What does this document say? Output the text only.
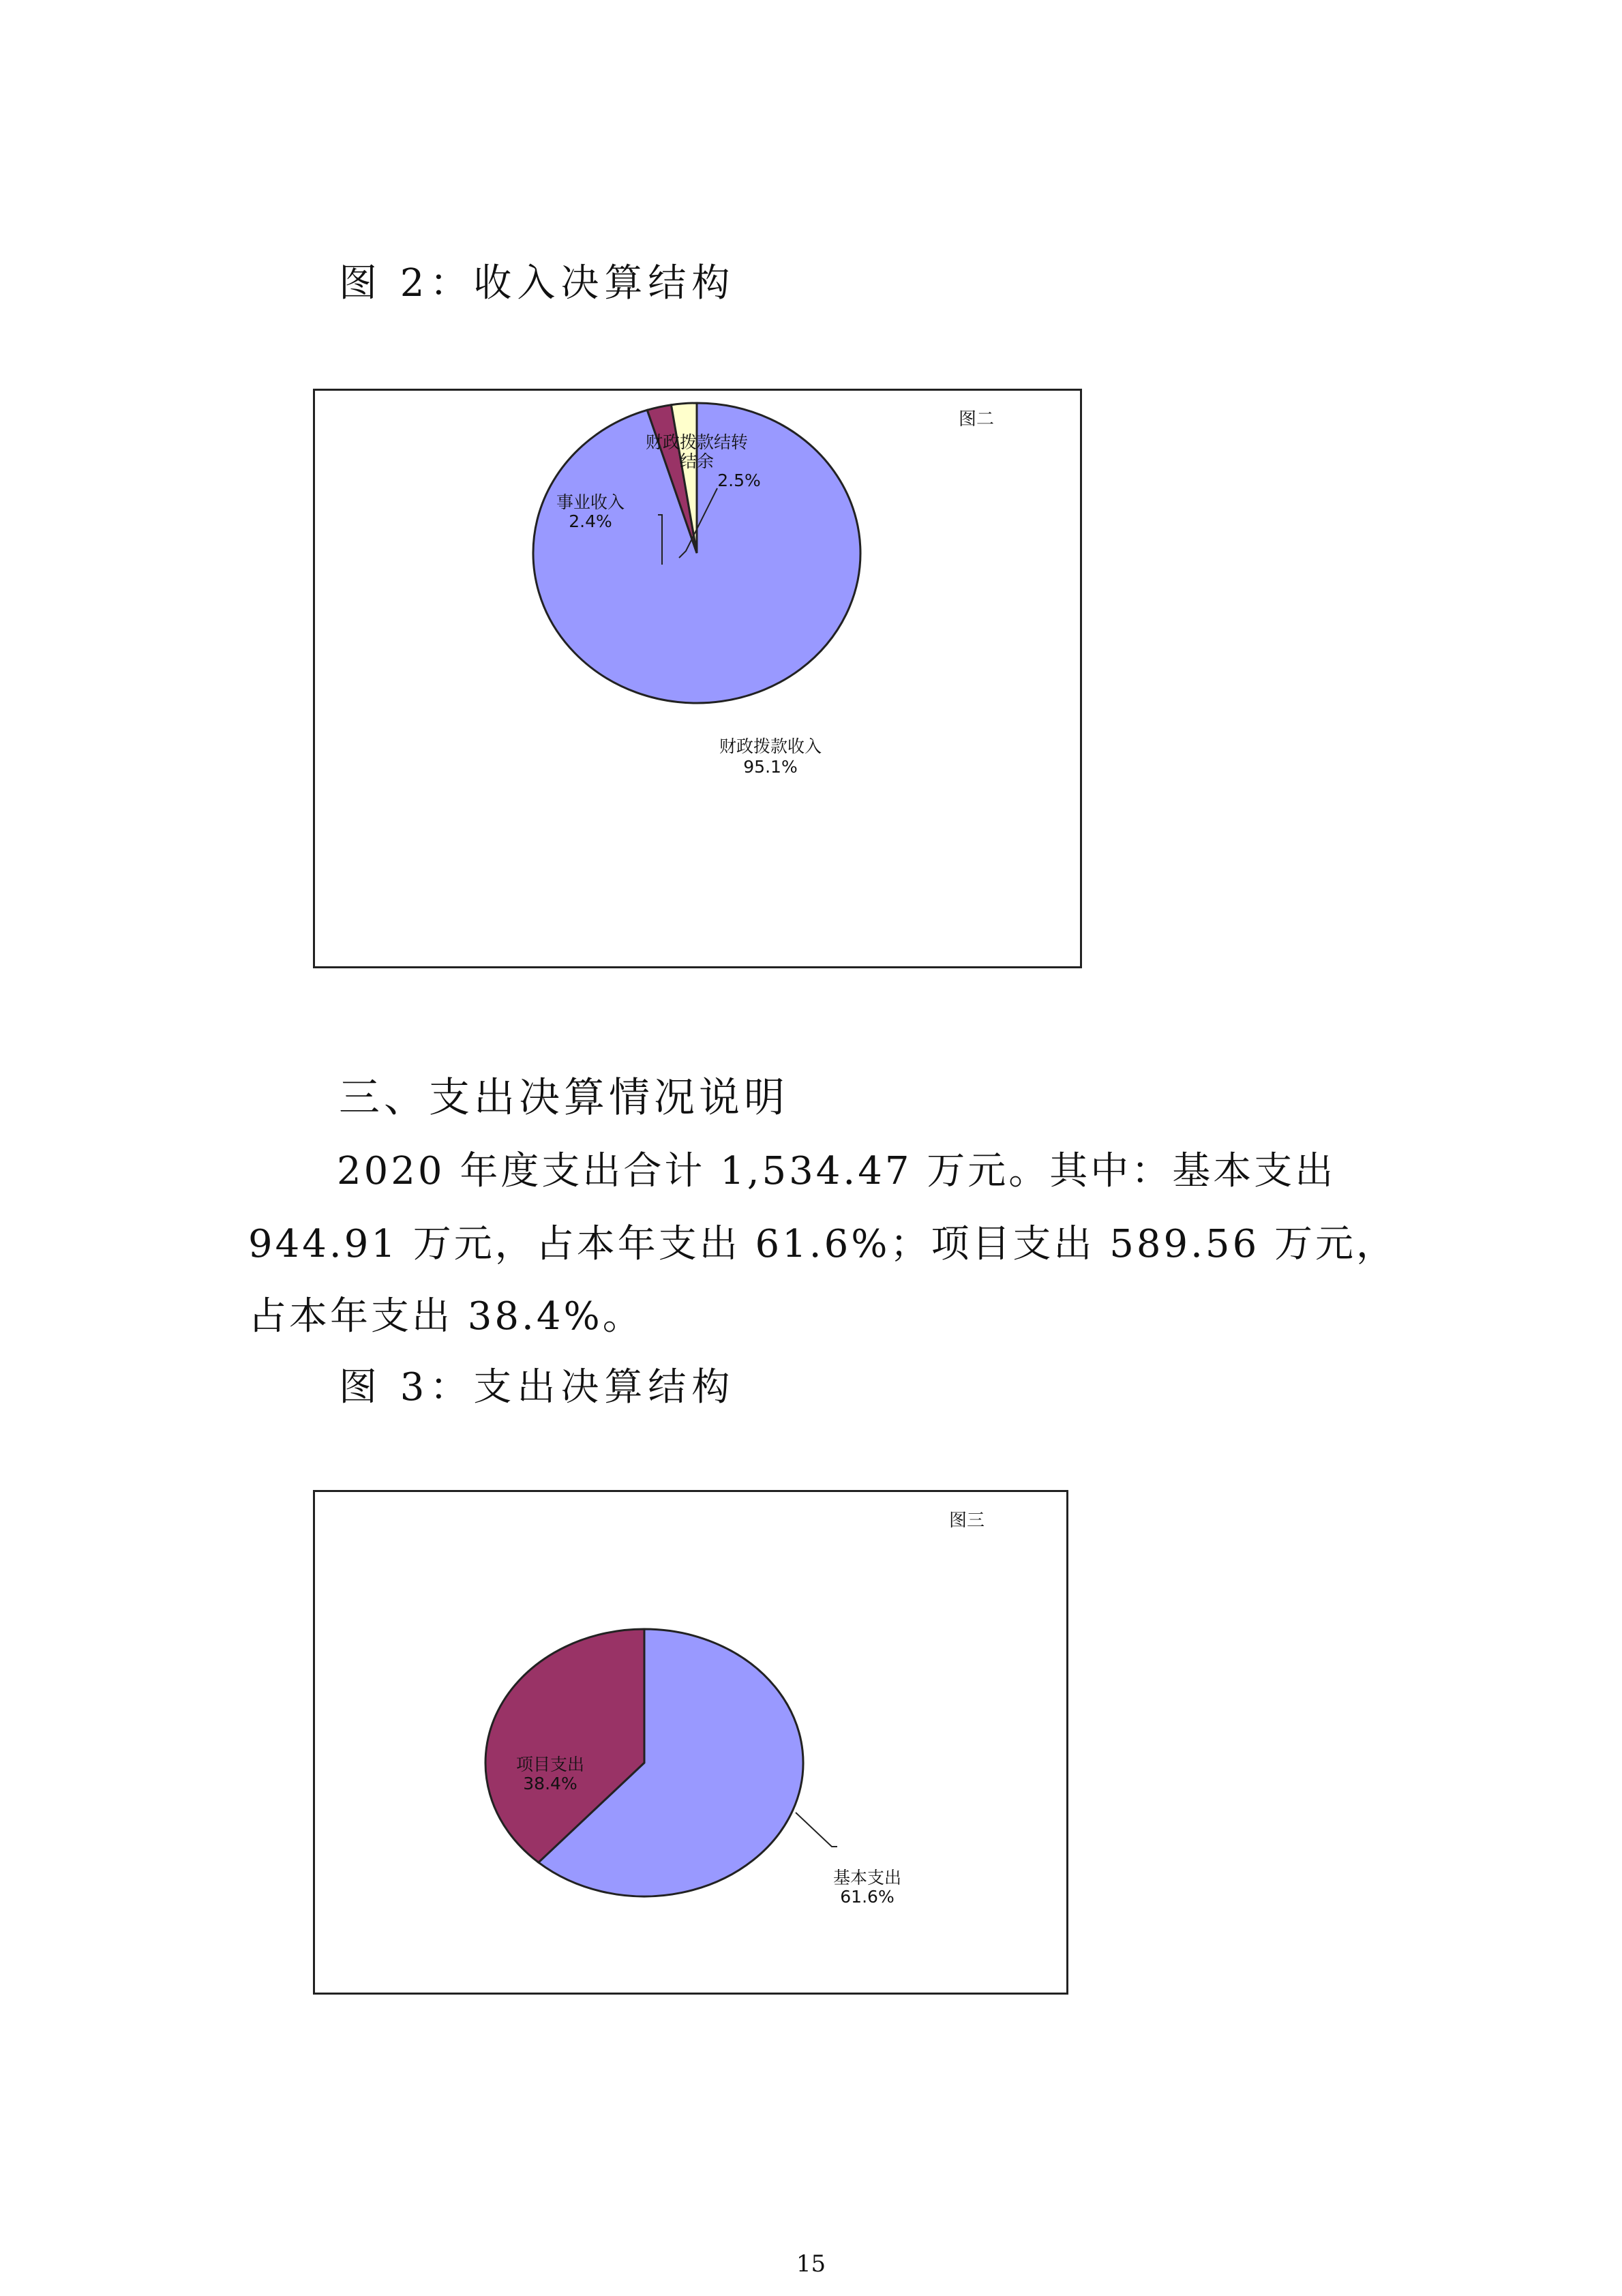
图 2：收入决算结构
图二
财政拨款结转
结余
2.5%
事业收入
2.4%
财政拨款收入
95.1%
三、支出决算情况说明
2020 年度支出合计 1,534.47 万元。其中：基本支出
944.91 万元，占本年支出 61.6%；项目支出 589.56 万元，
占本年支出 38.4%。
图 3：支出决算结构
图三
项目支出
38.4%
基本支出
61.6%
15
